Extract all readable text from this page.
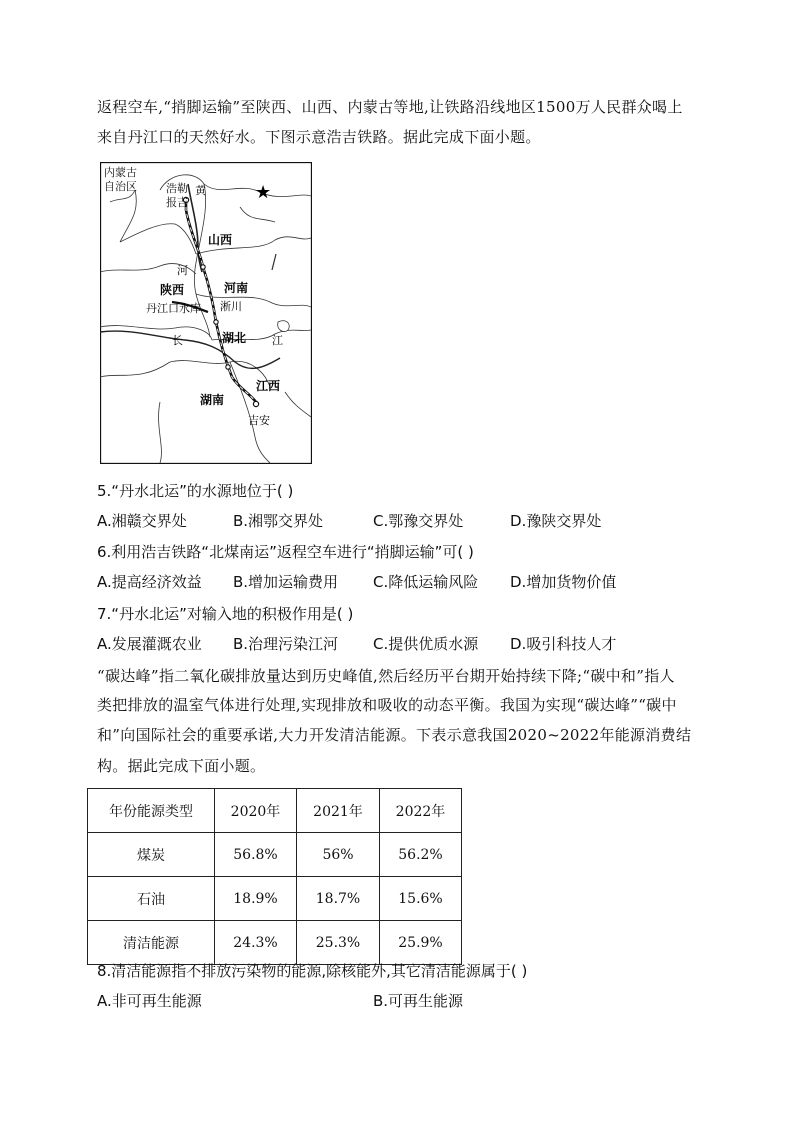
返程空车,“捎脚运输”至陕西、山西、内蒙古等地,让铁路沿线地区1500万人民群众喝上
来自丹江口的天然好水。下图示意浩吉铁路。据此完成下面小题。
★
内蒙古 自治区	浩勒 报吉
黄
河
山西
陕西	河南
淅川
丹江口水库
湖北
长	江
江西
湖南
吉安
5.“丹水北运”的水源地位于( )
A.湘赣交界处	B.湘鄂交界处	C.鄂豫交界处	D.豫陕交界处
6.利用浩吉铁路“北煤南运”返程空车进行“捎脚运输”可( )
A.提高经济效益 B.增加运输费用 C.降低运输风险 D.增加货物价值
7.“丹水北运”对输入地的积极作用是( )
A.发展灌溉农业 B.治理污染江河 C.提供优质水源 D.吸引科技人才
“碳达峰”指二氧化碳排放量达到历史峰值,然后经历平台期开始持续下降;“碳中和”指人
类把排放的温室气体进行处理,实现排放和吸收的动态平衡。我国为实现“碳达峰”“碳中
和”向国际社会的重要承诺,大力开发清洁能源。下表示意我国2020~2022年能源消费结
构。据此完成下面小题。
年份能源类型	2020年	2021年	2022年
煤炭	56.8%	56%	56.2%
石油	18.9%	18.7%	15.6%
清洁能源	24.3%	25.3%	25.9%
8.清洁能源指不排放污染物的能源,除核能外,其它清洁能源属于( )
A.非可再生能源	B.可再生能源
